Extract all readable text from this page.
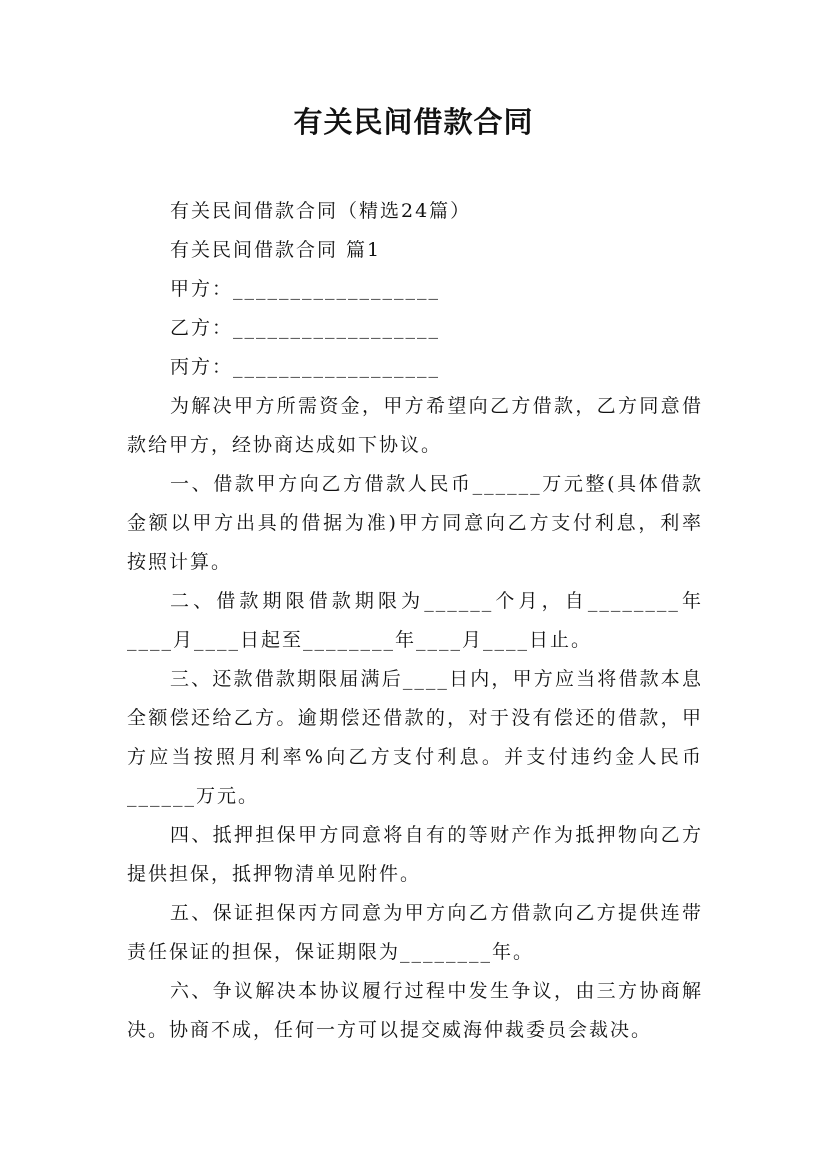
有关民间借款合同
有关民间借款合同（精选24篇）
有关民间借款合同 篇1
甲方：__________________
乙方：__________________
丙方：__________________

为解决甲方所需资金，甲方希望向乙方借款，乙方同意借款给甲方，经协商达成如下协议。

一、借款甲方向乙方借款人民币______万元整(具体借款金额以甲方出具的借据为准)甲方同意向乙方支付利息，利率按照计算。

二、借款期限借款期限为______个月，自________年____月____日起至________年____月____日止。

三、还款借款期限届满后____日内，甲方应当将借款本息全额偿还给乙方。逾期偿还借款的，对于没有偿还的借款，甲方应当按照月利率%向乙方支付利息。并支付违约金人民币______万元。

四、抵押担保甲方同意将自有的等财产作为抵押物向乙方提供担保，抵押物清单见附件。

五、保证担保丙方同意为甲方向乙方借款向乙方提供连带责任保证的担保，保证期限为________年。

六、争议解决本协议履行过程中发生争议，由三方协商解决。协商不成，任何一方可以提交威海仲裁委员会裁决。
